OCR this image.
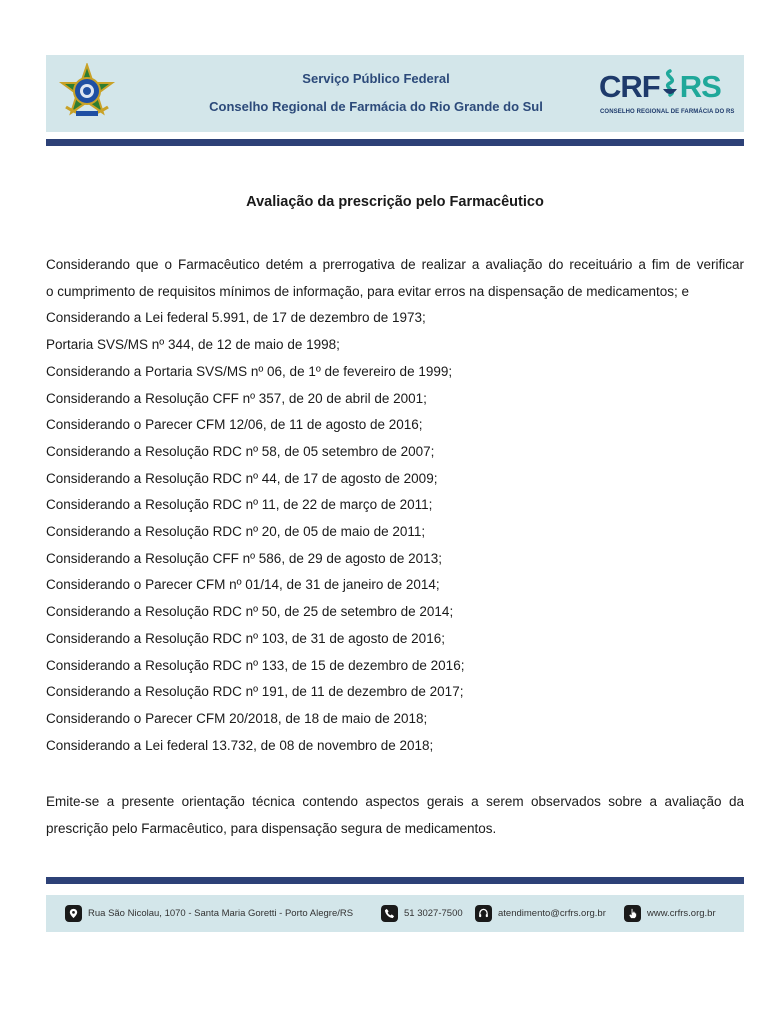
Serviço Público Federal
Conselho Regional de Farmácia do Rio Grande do Sul
CRF RS
CONSELHO REGIONAL DE FARMÁCIA DO RS
Avaliação da prescrição pelo Farmacêutico
Considerando que o Farmacêutico detém a prerrogativa de realizar a avaliação do receituário a fim de verificar
o cumprimento de requisitos mínimos de informação, para evitar erros na dispensação de medicamentos; e
Considerando a Lei federal 5.991, de 17 de dezembro de 1973;
Portaria SVS/MS nº 344, de 12 de maio de 1998;
Considerando a Portaria SVS/MS nº 06, de 1º de fevereiro de 1999;
Considerando a Resolução CFF nº 357, de 20 de abril de 2001;
Considerando o Parecer CFM 12/06, de 11 de agosto de 2016;
Considerando a Resolução RDC nº 58, de 05 setembro de 2007;
Considerando a Resolução RDC nº 44, de 17 de agosto de 2009;
Considerando a Resolução RDC nº 11, de 22 de março de 2011;
Considerando a Resolução RDC nº 20, de 05 de maio de 2011;
Considerando a Resolução CFF nº 586, de 29 de agosto de 2013;
Considerando o Parecer CFM nº 01/14, de 31 de janeiro de 2014;
Considerando a Resolução RDC nº 50, de 25 de setembro de 2014;
Considerando a Resolução RDC nº 103, de 31 de agosto de 2016;
Considerando a Resolução RDC nº 133, de 15 de dezembro de 2016;
Considerando a Resolução RDC nº 191, de 11 de dezembro de 2017;
Considerando o Parecer CFM 20/2018, de 18 de maio de 2018;
Considerando a Lei federal 13.732, de 08 de novembro de 2018;
Emite-se a presente orientação técnica contendo aspectos gerais a serem observados sobre a avaliação da
prescrição pelo Farmacêutico, para dispensação segura de medicamentos.
Rua São Nicolau, 1070 - Santa Maria Goretti - Porto Alegre/RS	51 3027-7500	atendimento@crfrs.org.br	www.crfrs.org.br
